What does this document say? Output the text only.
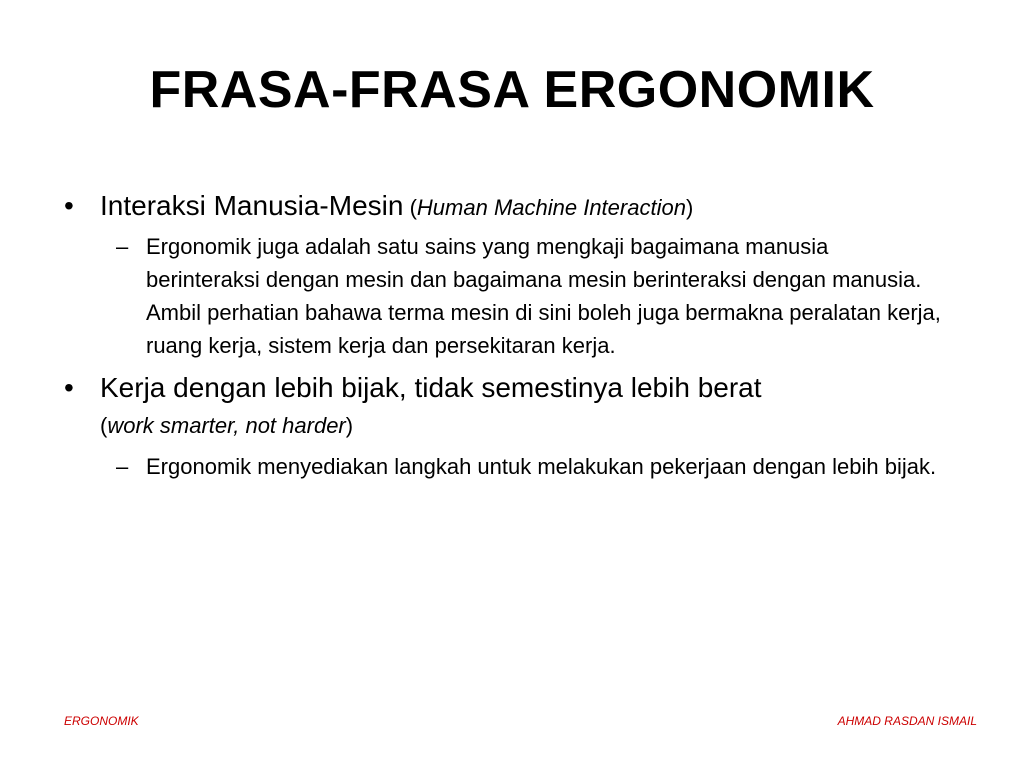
FRASA-FRASA ERGONOMIK
• Interaksi Manusia-Mesin (Human Machine Interaction)
– Ergonomik juga adalah satu sains yang mengkaji bagaimana manusia berinteraksi dengan mesin dan bagaimana mesin berinteraksi dengan manusia. Ambil perhatian bahawa terma mesin di sini boleh juga bermakna peralatan kerja, ruang kerja, sistem kerja dan persekitaran kerja.
• Kerja dengan lebih bijak, tidak semestinya lebih berat
(work smarter, not harder)
– Ergonomik menyediakan langkah untuk melakukan pekerjaan dengan lebih bijak.
ERGONOMIK	AHMAD RASDAN ISMAIL
